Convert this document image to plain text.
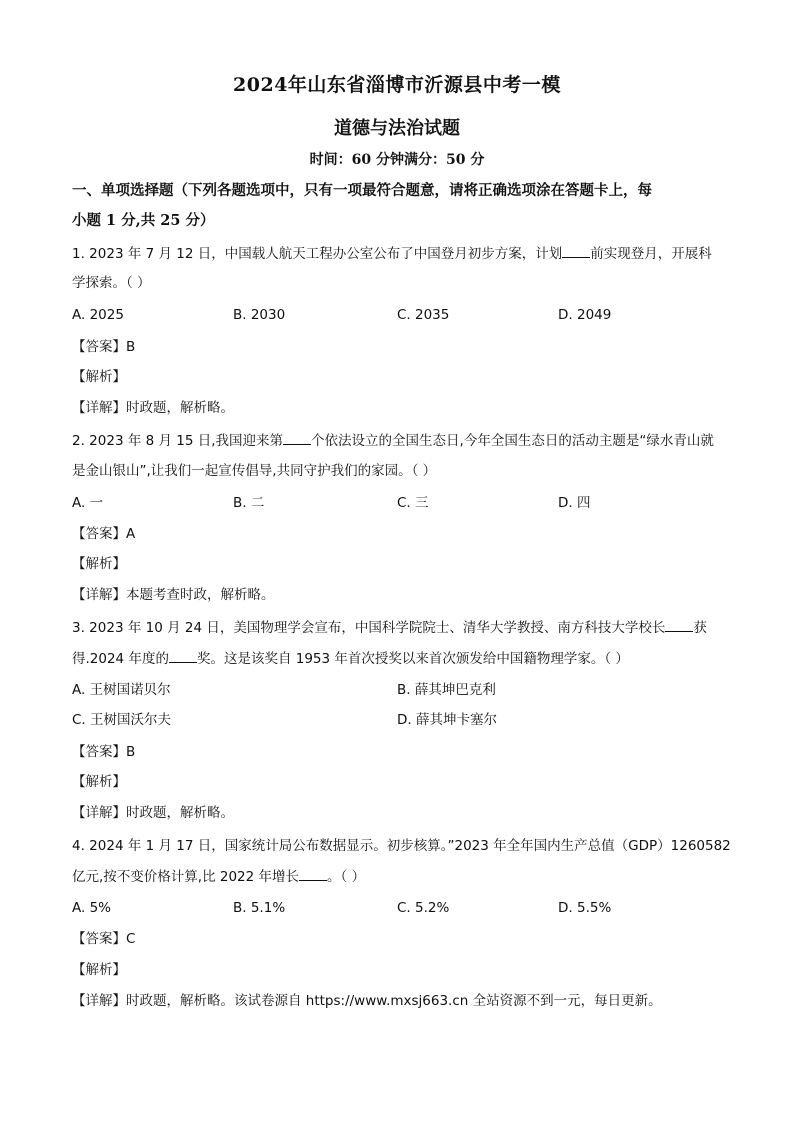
2024年山东省淄博市沂源县中考一模
道德与法治试题
时间：60 分钟满分：50 分
一、单项选择题（下列各题选项中，只有一项最符合题意，请将正确选项涂在答题卡上，每
小题 1 分,共 25 分）
1. 2023 年 7 月 12 日，中国载人航天工程办公室公布了中国登月初步方案，计划 前实现登月，开展科
学探索。（ ）
A. 2025	B. 2030	C. 2035	D. 2049
【答案】B
【解析】
【详解】时政题，解析略。
2. 2023 年 8 月 15 日,我国迎来第 个依法设立的全国生态日,今年全国生态日的活动主题是“绿水青山就
是金山银山”,让我们一起宣传倡导,共同守护我们的家园。（ ）
A. 一	B. 二	C. 三	D. 四
【答案】A
【解析】
【详解】本题考查时政，解析略。
3. 2023 年 10 月 24 日，美国物理学会宣布，中国科学院院士、清华大学教授、南方科技大学校长 获
得.2024 年度的 奖。这是该奖自 1953 年首次授奖以来首次颁发给中国籍物理学家。（ ）
A. 王树国诺贝尔	B. 薛其坤巴克利
C. 王树国沃尔夫	D. 薛其坤卡塞尔
【答案】B
【解析】
【详解】时政题，解析略。
4. 2024 年 1 月 17 日，国家统计局公布数据显示。初步核算。”2023 年全年国内生产总值（GDP）1260582
亿元,按不变价格计算,比 2022 年增长 。（ ）
A. 5%	B. 5.1%	C. 5.2%	D. 5.5%
【答案】C
【解析】
【详解】时政题，解析略。该试卷源自 https://www.mxsj663.cn 全站资源不到一元，每日更新。
